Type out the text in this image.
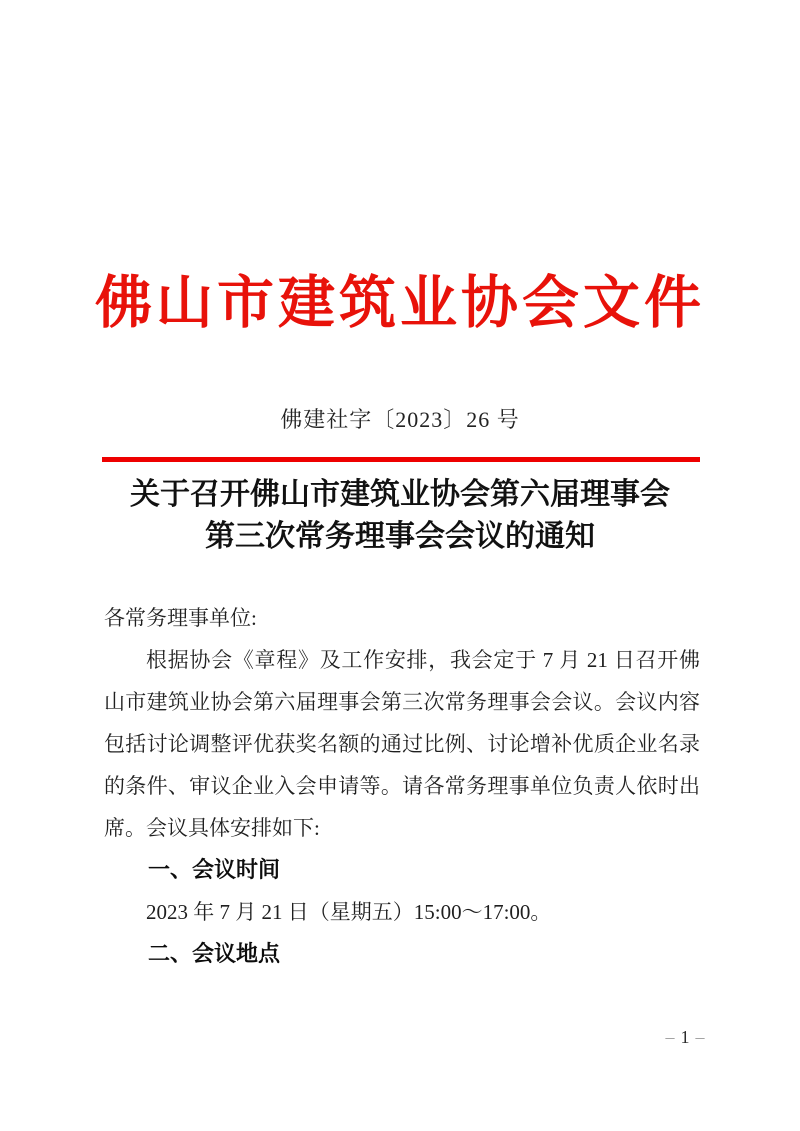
佛山市建筑业协会文件
佛建社字〔2023〕26 号
关于召开佛山市建筑业协会第六届理事会
第三次常务理事会会议的通知
各常务理事单位:
根据协会《章程》及工作安排，我会定于 7 月 21 日召开佛
山市建筑业协会第六届理事会第三次常务理事会会议。会议内容
包括讨论调整评优获奖名额的通过比例、讨论增补优质企业名录
的条件、审议企业入会申请等。请各常务理事单位负责人依时出
席。会议具体安排如下:
一、会议时间
2023 年 7 月 21 日（星期五）15:00～17:00。
二、会议地点
– 1 –
